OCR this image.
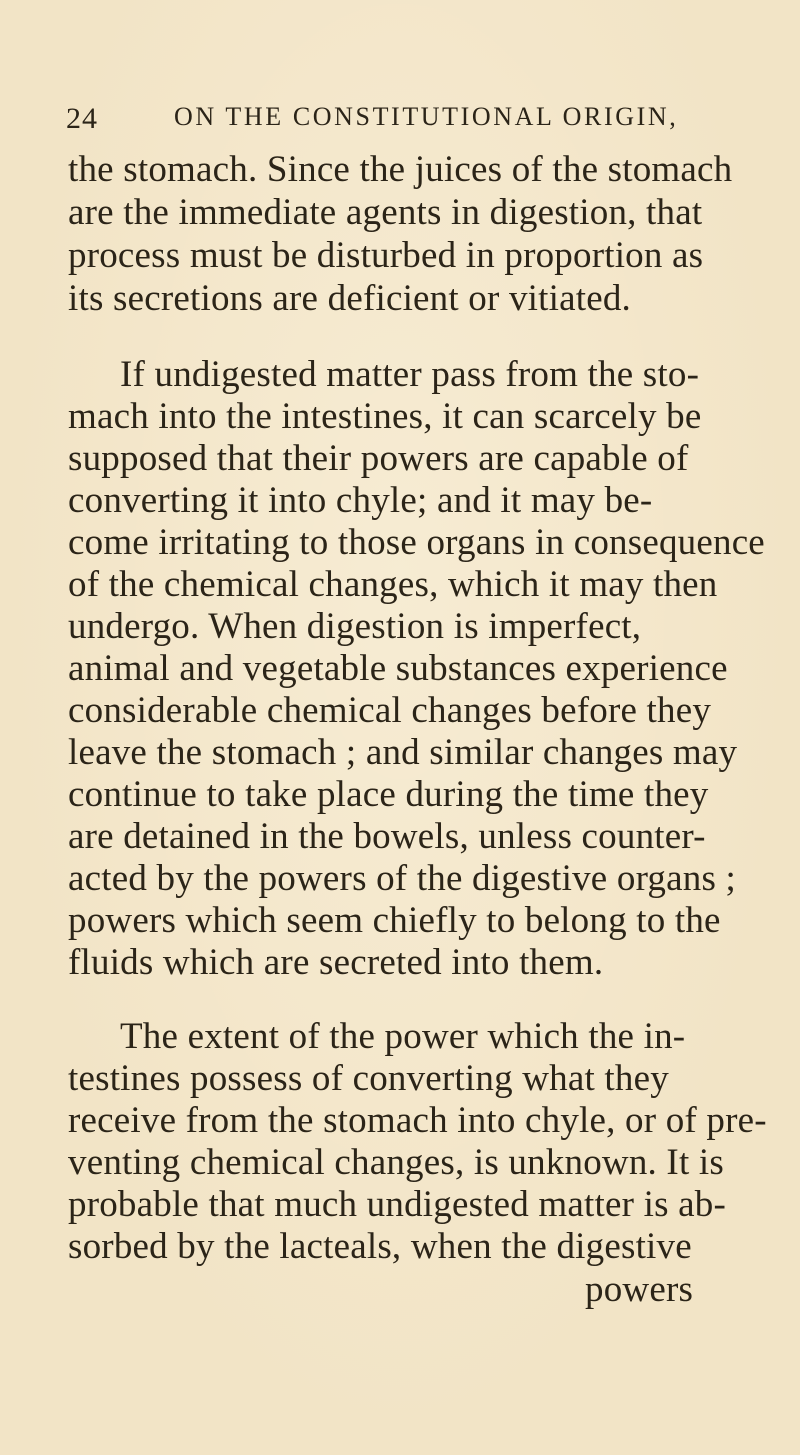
24	ON THE CONSTITUTIONAL ORIGIN,
the stomach. Since the juices of the stomach
are the immediate agents in digestion, that
process must be disturbed in proportion as
its secretions are deficient or vitiated.
If undigested matter pass from the sto-
mach into the intestines, it can scarcely be
supposed that their powers are capable of
converting it into chyle; and it may be-
come irritating to those organs in consequence
of the chemical changes, which it may then
undergo. When digestion is imperfect,
animal and vegetable substances experience
considerable chemical changes before they
leave the stomach ; and similar changes may
continue to take place during the time they
are detained in the bowels, unless counter-
acted by the powers of the digestive organs ;
powers which seem chiefly to belong to the
fluids which are secreted into them.
The extent of the power which the in-
testines possess of converting what they
receive from the stomach into chyle, or of pre-
venting chemical changes, is unknown. It is
probable that much undigested matter is ab-
sorbed by the lacteals, when the digestive
powers
